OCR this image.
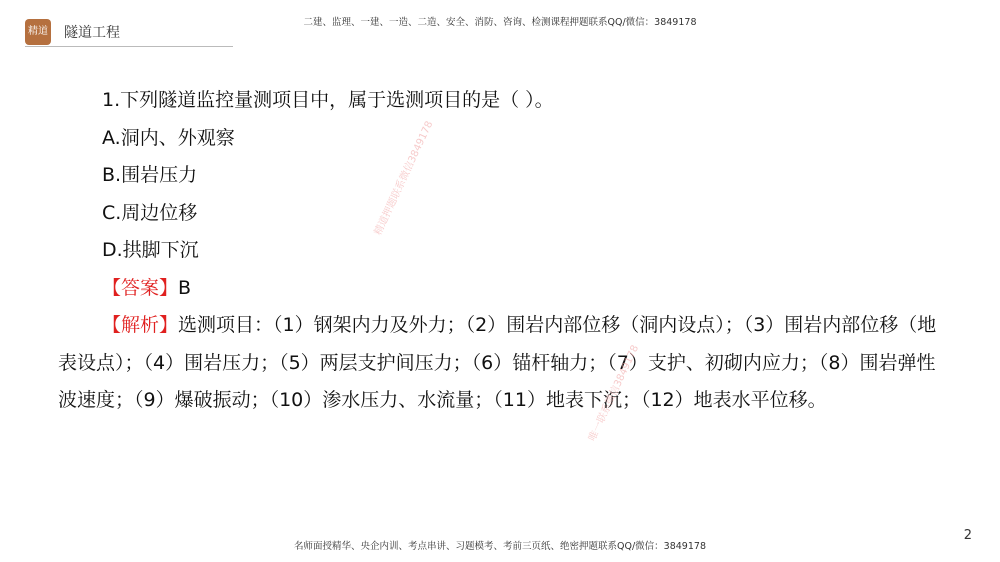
精道 隧道工程
二建、监理、一建、一造、二造、安全、消防、咨询、检测课程押题联系QQ/微信：3849178
1.下列隧道监控量测项目中，属于选测项目的是（ ）。
A.洞内、外观察
B.围岩压力
C.周边位移
D.拱脚下沉
【答案】B

【解析】选测项目：（1）钢架内力及外力；（2）围岩内部位移（洞内设点）；（3）围岩内部位移（地表设点）；（4）围岩压力；（5）两层支护间压力；（6）锚杆轴力；（7）支护、初砌内应力；（8）围岩弹性波速度；（9）爆破振动；（10）渗水压力、水流量；（11）地表下沉；（12）地表水平位移。

精道押题联系微信3849178
唯一联系微信3849178
2
名师面授精华、央企内训、考点串讲、习题模考、考前三页纸、绝密押题联系QQ/微信：3849178
